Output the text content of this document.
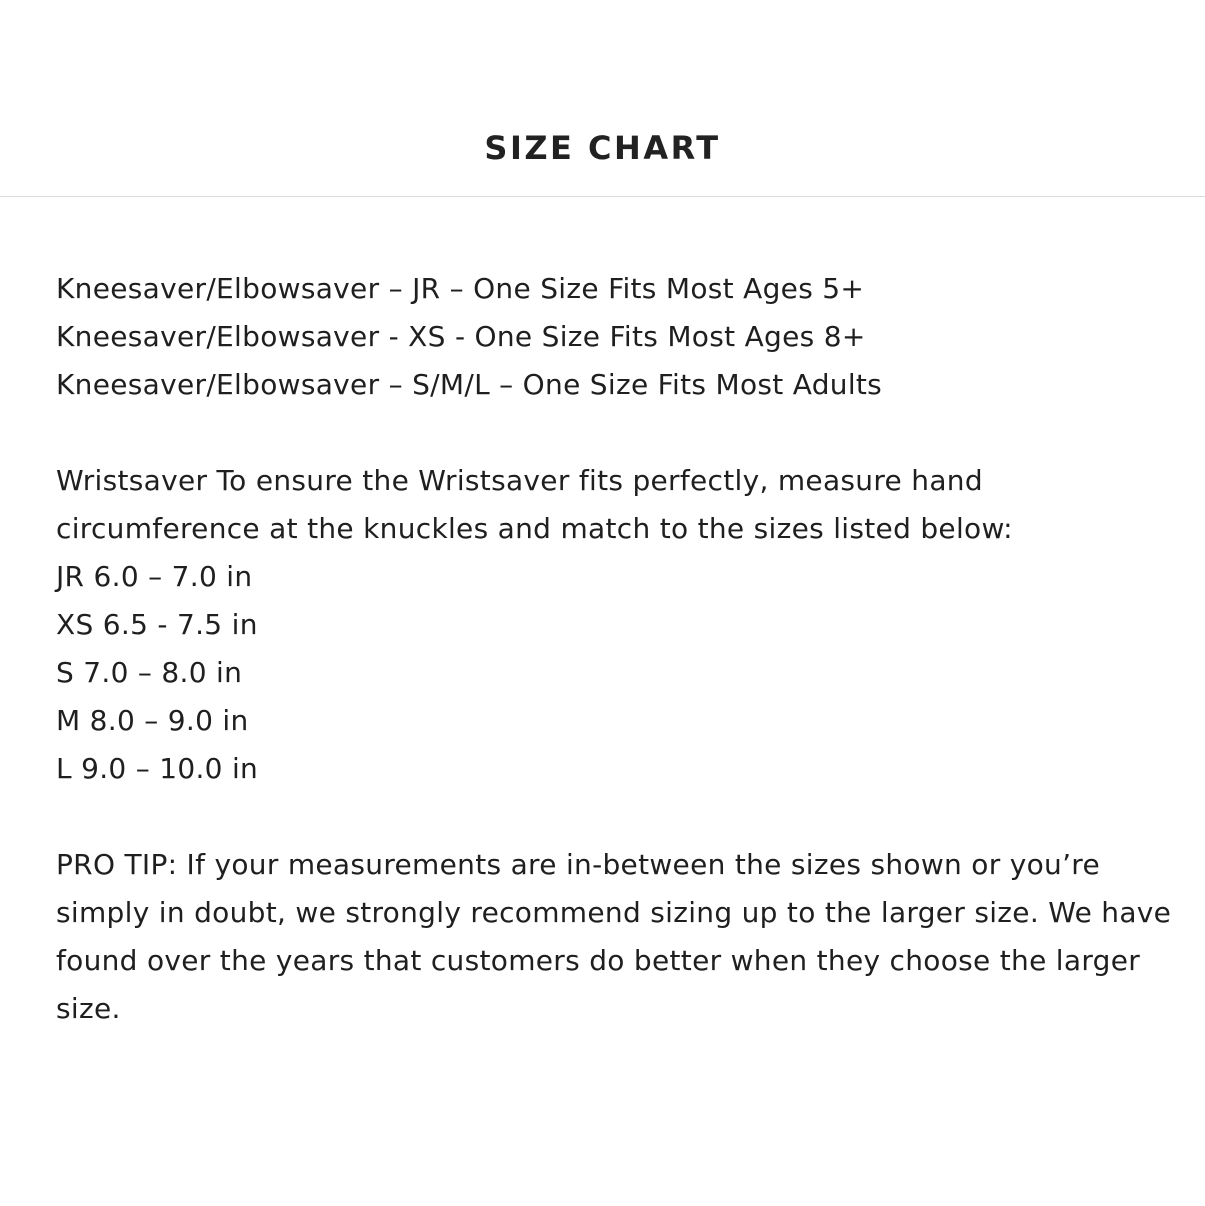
SIZE CHART
Kneesaver/Elbowsaver – JR – One Size Fits Most Ages 5+
Kneesaver/Elbowsaver - XS - One Size Fits Most Ages 8+
Kneesaver/Elbowsaver – S/M/L – One Size Fits Most Adults
Wristsaver To ensure the Wristsaver fits perfectly, measure hand
circumference at the knuckles and match to the sizes listed below:
JR 6.0 – 7.0 in
XS 6.5 - 7.5 in
S 7.0 – 8.0 in
M 8.0 – 9.0 in
L 9.0 – 10.0 in
PRO TIP: If your measurements are in-between the sizes shown or you’re
simply in doubt, we strongly recommend sizing up to the larger size. We have
found over the years that customers do better when they choose the larger
size.
